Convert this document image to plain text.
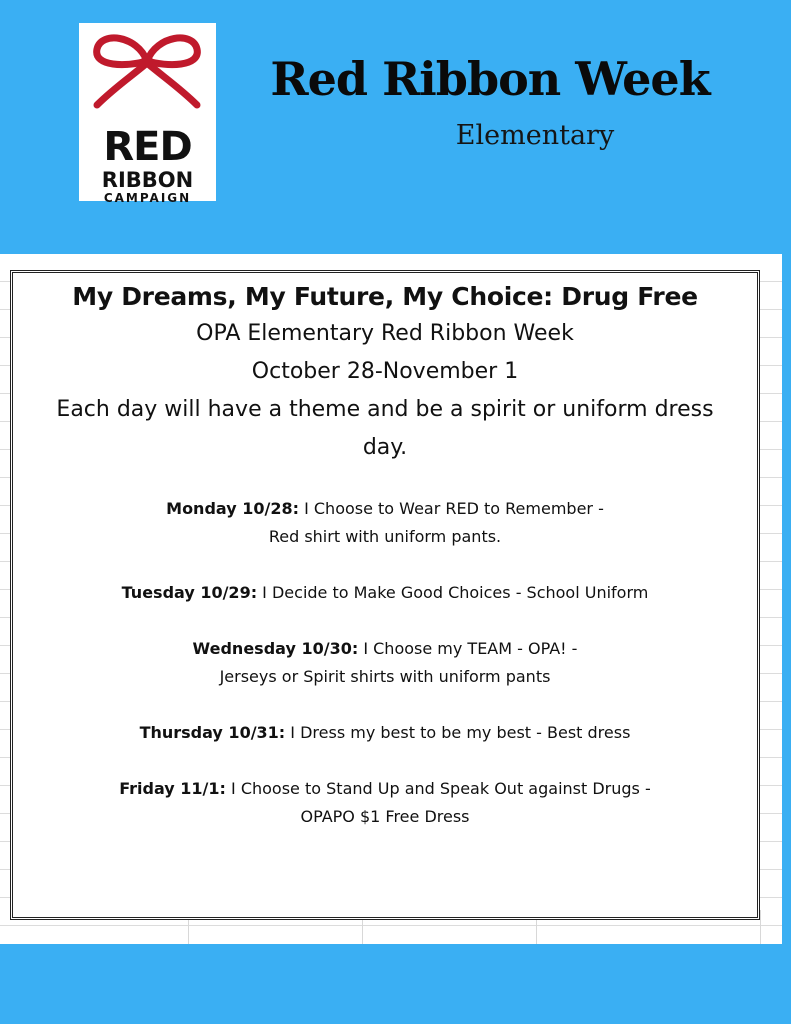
RED
RIBBON
CAMPAIGN
Red Ribbon Week
Elementary
My Dreams, My Future, My Choice: Drug Free
OPA Elementary Red Ribbon Week
October 28-November 1
Each day will have a theme and be a spirit or uniform dress day.
Monday 10/28: I Choose to Wear RED to Remember -
Red shirt with uniform pants.
Tuesday 10/29: I Decide to Make Good Choices - School Uniform
Wednesday 10/30: I Choose my TEAM - OPA! -
Jerseys or Spirit shirts with uniform pants
Thursday 10/31: I Dress my best to be my best - Best dress
Friday 11/1: I Choose to Stand Up and Speak Out against Drugs -
OPAPO $1 Free Dress
